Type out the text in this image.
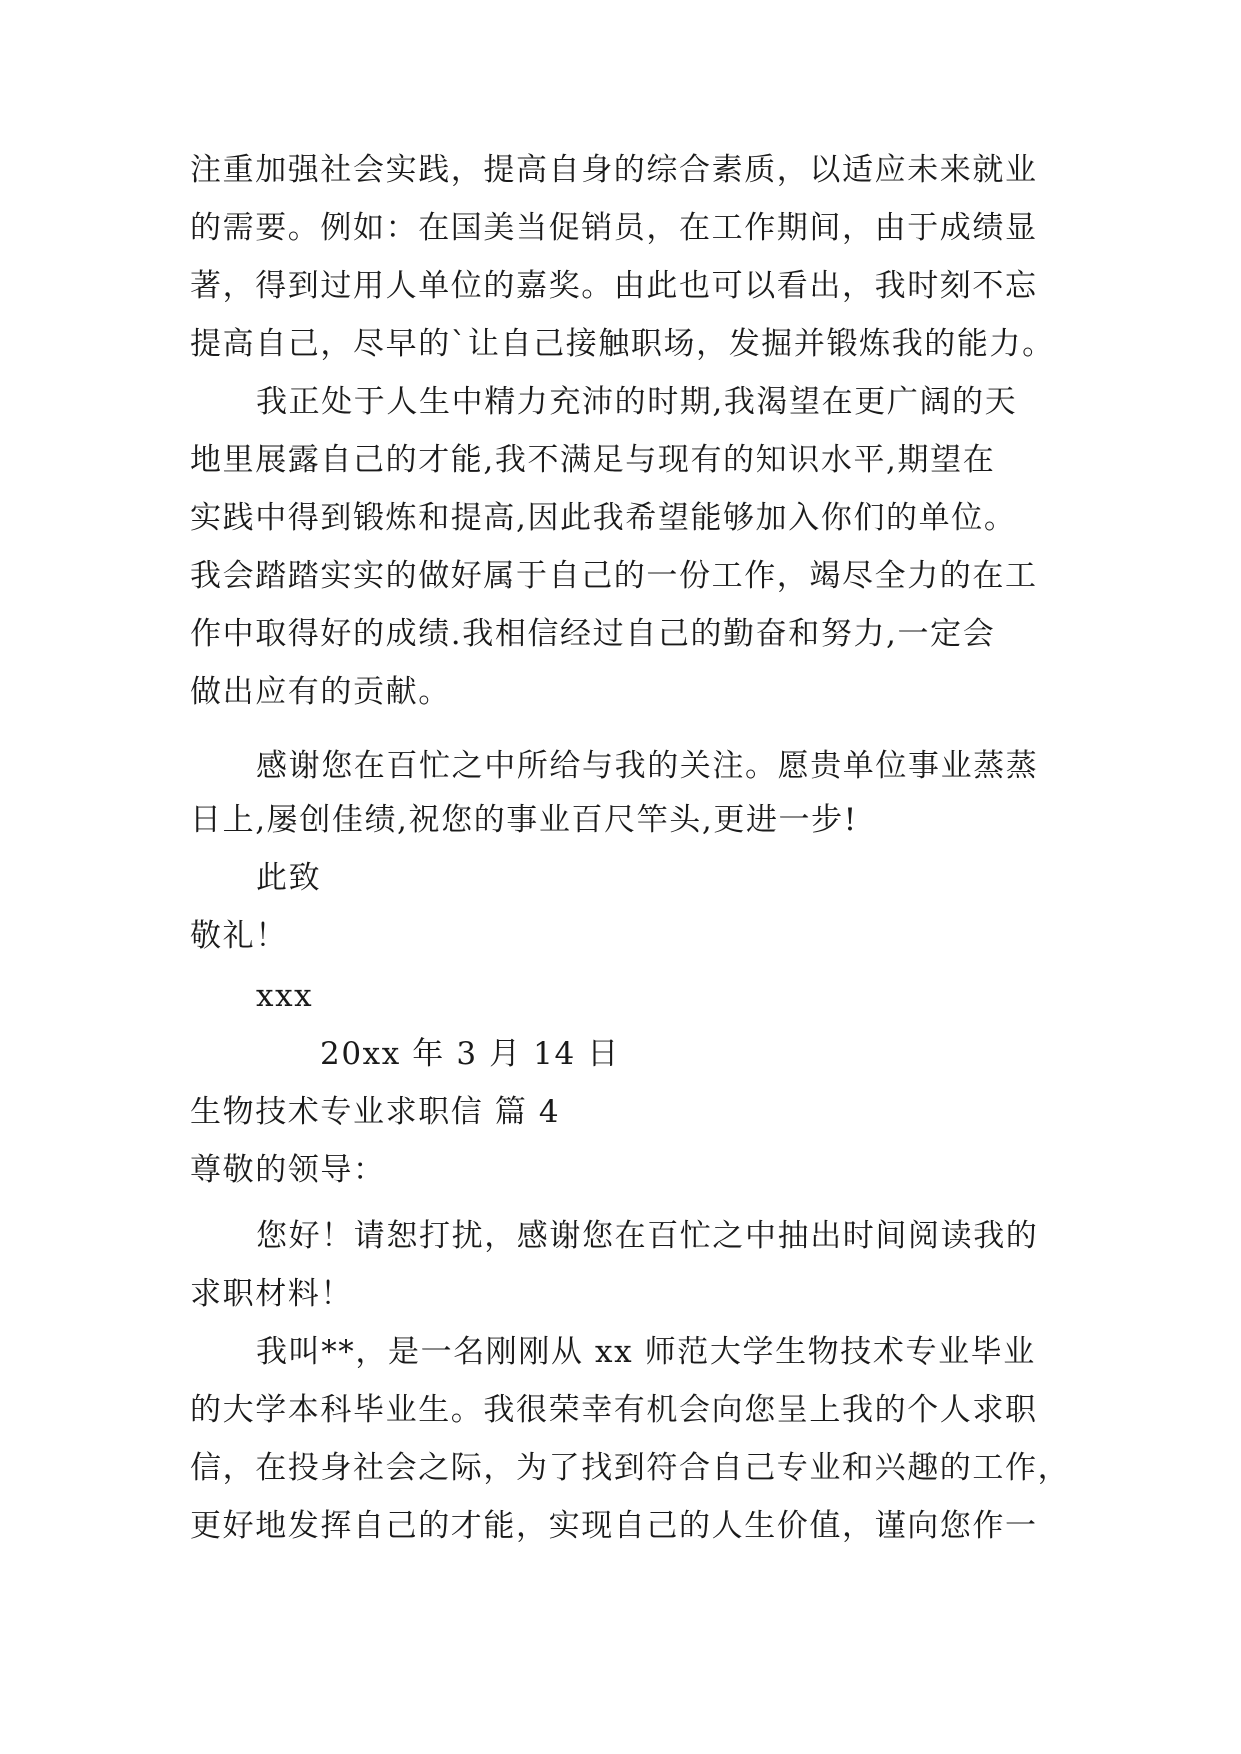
注重加强社会实践，提高自身的综合素质，以适应未来就业
的需要。例如：在国美当促销员，在工作期间，由于成绩显
著，得到过用人单位的嘉奖。由此也可以看出，我时刻不忘
提高自己，尽早的`让自己接触职场，发掘并锻炼我的能力。
我正处于人生中精力充沛的时期,我渴望在更广阔的天
地里展露自己的才能,我不满足与现有的知识水平,期望在
实践中得到锻炼和提高,因此我希望能够加入你们的单位。
我会踏踏实实的做好属于自己的一份工作，竭尽全力的在工
作中取得好的成绩.我相信经过自己的勤奋和努力,一定会
做出应有的贡献。
感谢您在百忙之中所给与我的关注。愿贵单位事业蒸蒸
日上,屡创佳绩,祝您的事业百尺竿头,更进一步!
此致
敬礼！
xxx
20xx 年 3 月 14 日
生物技术专业求职信 篇 4
尊敬的领导：
您好！请恕打扰，感谢您在百忙之中抽出时间阅读我的
求职材料！
我叫**，是一名刚刚从 xx 师范大学生物技术专业毕业
的大学本科毕业生。我很荣幸有机会向您呈上我的个人求职
信，在投身社会之际，为了找到符合自己专业和兴趣的工作，
更好地发挥自己的才能，实现自己的人生价值，谨向您作一
